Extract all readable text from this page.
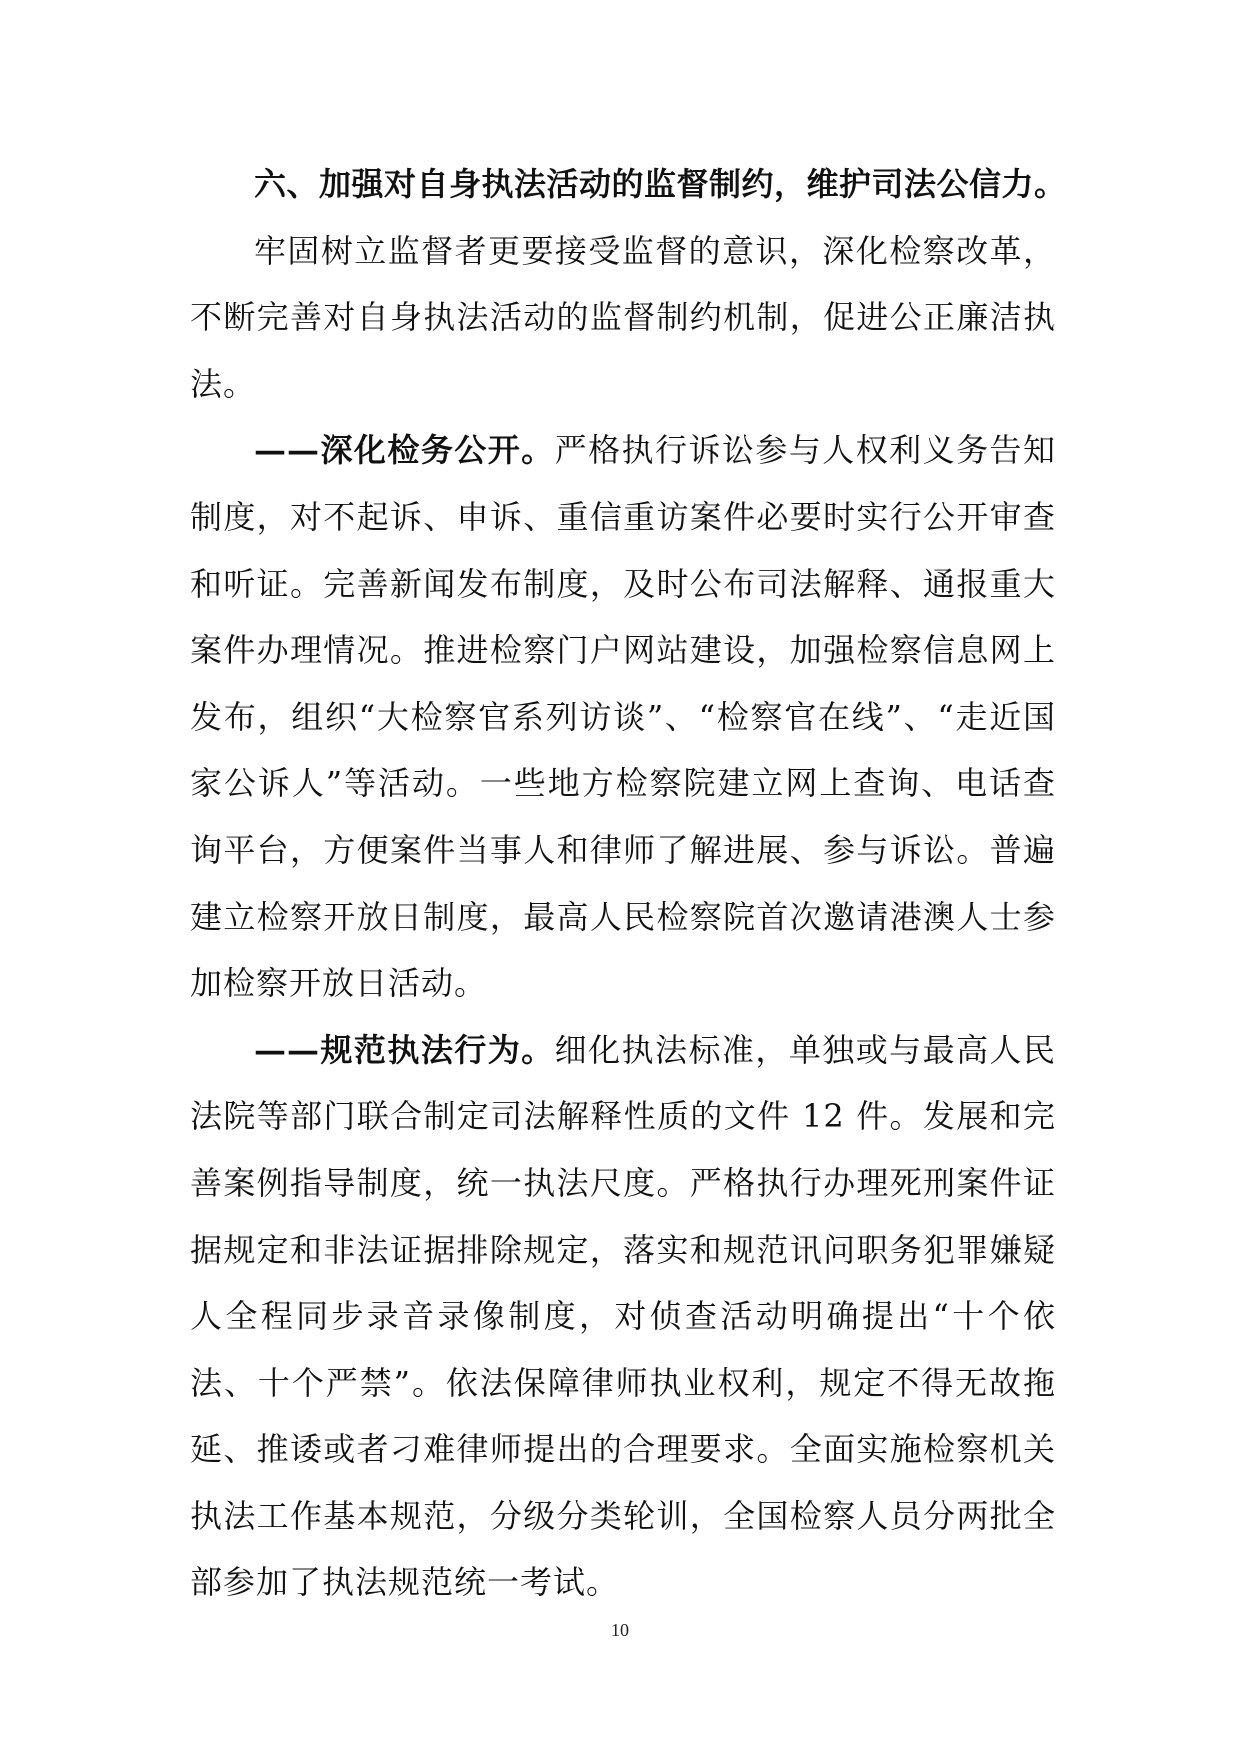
六、加强对自身执法活动的监督制约，维护司法公信力。

牢固树立监督者更要接受监督的意识，深化检察改革，不断完善对自身执法活动的监督制约机制，促进公正廉洁执法。

——深化检务公开。严格执行诉讼参与人权利义务告知制度，对不起诉、申诉、重信重访案件必要时实行公开审查和听证。完善新闻发布制度，及时公布司法解释、通报重大案件办理情况。推进检察门户网站建设，加强检察信息网上发布，组织“大检察官系列访谈”、“检察官在线”、“走近国家公诉人”等活动。一些地方检察院建立网上查询、电话查询平台，方便案件当事人和律师了解进展、参与诉讼。普遍建立检察开放日制度，最高人民检察院首次邀请港澳人士参加检察开放日活动。

——规范执法行为。细化执法标准，单独或与最高人民法院等部门联合制定司法解释性质的文件 12 件。发展和完善案例指导制度，统一执法尺度。严格执行办理死刑案件证据规定和非法证据排除规定，落实和规范讯问职务犯罪嫌疑人全程同步录音录像制度，对侦查活动明确提出“十个依法、十个严禁”。依法保障律师执业权利，规定不得无故拖延、推诿或者刁难律师提出的合理要求。全面实施检察机关执法工作基本规范，分级分类轮训，全国检察人员分两批全部参加了执法规范统一考试。

10
